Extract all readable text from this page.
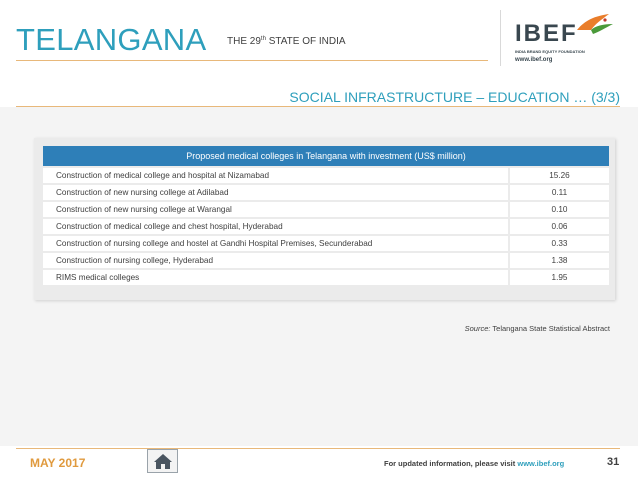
TELANGANA THE 29th STATE OF INDIA	IBEF
INDIA BRAND EQUITY FOUNDATION
www.ibef.org
SOCIAL INFRASTRUCTURE – EDUCATION … (3/3)
Proposed medical colleges in Telangana with investment (US$ million)	
Construction of medical college and hospital at Nizamabad	15.26
Construction of new nursing college at Adilabad	0.11
Construction of new nursing college at Warangal	0.10
Construction of medical college and chest hospital, Hyderabad	0.06
Construction of nursing college and hostel at Gandhi Hospital Premises, Secunderabad	0.33
Construction of nursing college, Hyderabad	1.38
RIMS medical colleges	1.95
Source: Telangana State Statistical Abstract
MAY 2017	For updated information, please visit www.ibef.org	31
